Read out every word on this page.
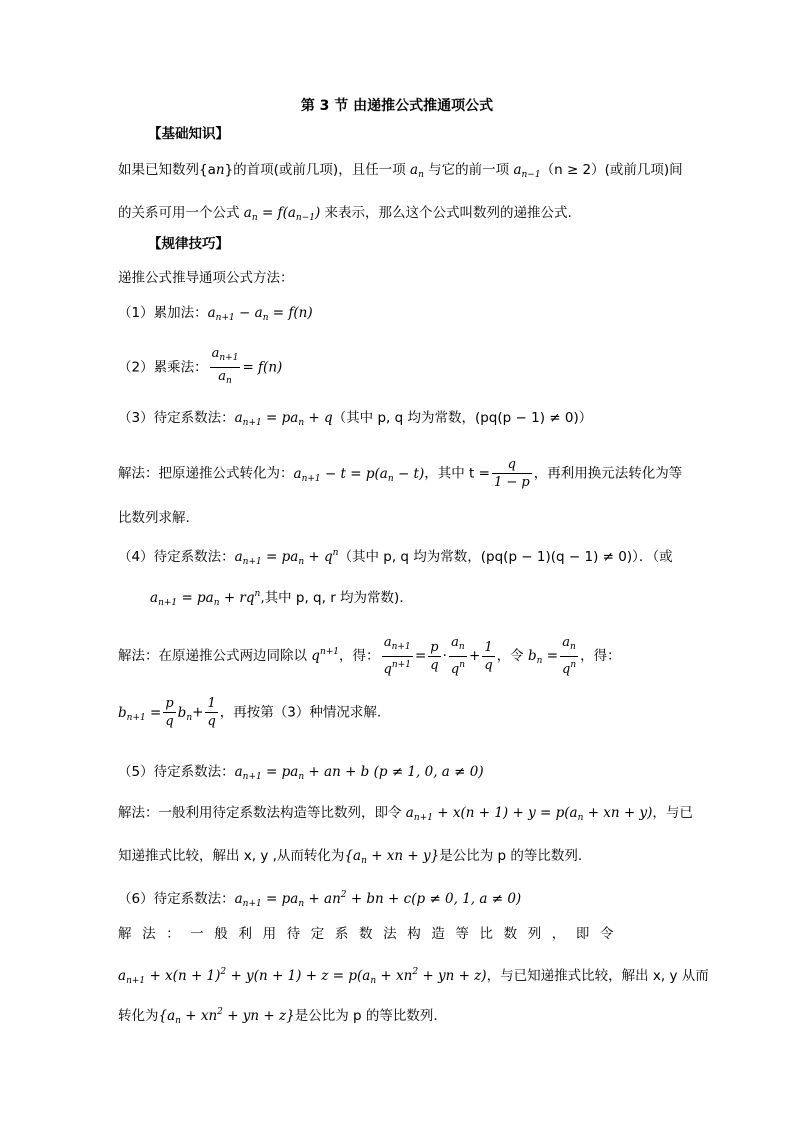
第 3 节 由递推公式推通项公式
【基础知识】
如果已知数列{an}的首项(或前几项)，且任一项 $a_n$ 与它的前一项 $a_{n-1}(n \ge 2)$(或前几项)间
的关系可用一个公式 $a_n = f(a_{n-1})$ 来表示，那么这个公式叫数列的递推公式.
【规律技巧】
递推公式推导通项公式方法：
（1）累加法：$a_{n+1} - a_n = f(n)$
（2）累乘法： $\frac{a_{n+1}}{a_n} = f(n)$
（3）待定系数法：$a_{n+1} = pa_n + q$（其中 p, q 均为常数，(pq(p − 1) ≠ 0)）
解法：把原递推公式转化为：$a_{n+1} - t = p(a_n - t)$，其中 $t = \frac{q}{1 - p}$ ，再利用换元法转化为等
比数列求解.
（4）待定系数法：$a_{n+1} = pa_n + q^n$（其中 p, q 均为常数，(pq(p − 1)(q − 1) ≠ 0)）．（或
$a_{n+1} = pa_n + rq^n$,其中 p, q, r 均为常数)．
解法：在原递推公式两边同除以 $q^{n+1}$，得： $\frac{a_{n+1}}{q^{n+1}} = \frac{p}{q} \cdot \frac{a_n}{q^n} + \frac{1}{q}$ ，令 $b_n = \frac{a_n}{q^n}$ ，得：
$b_{n+1} = \frac{p}{q} b_n+ \frac{1}{q}$ ，再按第（3）种情况求解.
（5）待定系数法：$a_{n+1} = pa_n$ + an + b (p ≠ 1, 0, a ≠ 0)
解法：一般利用待定系数法构造等比数列，即令 $a_{n+1} + x(n + 1) + y = p(a_n$ + xn + y)，与已
知递推式比较，解出 x, y ,从而转化为{$a_n$ + xn + y}是公比为 p 的等比数列.
（6）待定系数法：$a_{n+1} = pa_n + an^2$ + bn + c(p ≠ 0, 1, a ≠ 0)
解法：一般利用待定系数法构造等比数列，即令
$a_{n+1} + x(n + 1)^2 + y(n + 1) + z = p(a_n + xn^2$ + yn + z)，与已知递推式比较，解出 x, y 从而
转化为{$a_n + xn^2$ + yn + z}是公比为 p 的等比数列.
